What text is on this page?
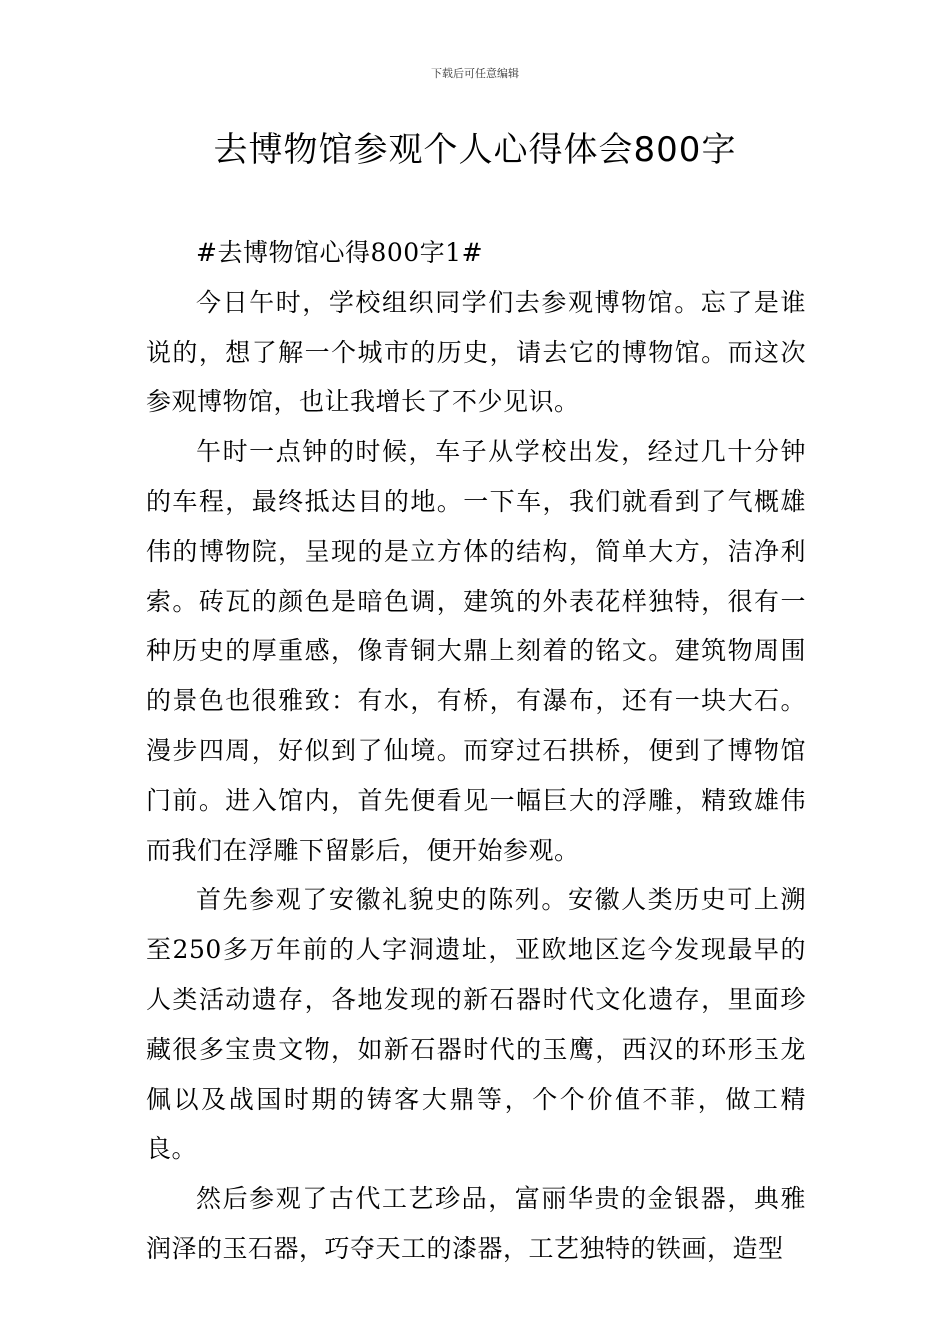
下载后可任意编辑
去博物馆参观个人心得体会800字

#去博物馆心得800字1#

今日午时，学校组织同学们去参观博物馆。忘了是谁说的，想了解一个城市的历史，请去它的博物馆。而这次参观博物馆，也让我增长了不少见识。

午时一点钟的时候，车子从学校出发，经过几十分钟的车程，最终抵达目的地。一下车，我们就看到了气概雄伟的博物院，呈现的是立方体的结构，简单大方，洁净利索。砖瓦的颜色是暗色调，建筑的外表花样独特，很有一种历史的厚重感，像青铜大鼎上刻着的铭文。建筑物周围的景色也很雅致：有水，有桥，有瀑布，还有一块大石。漫步四周，好似到了仙境。而穿过石拱桥，便到了博物馆门前。进入馆内，首先便看见一幅巨大的浮雕，精致雄伟而我们在浮雕下留影后，便开始参观。

首先参观了安徽礼貌史的陈列。安徽人类历史可上溯至250多万年前的人字洞遗址，亚欧地区迄今发现最早的人类活动遗存，各地发现的新石器时代文化遗存，里面珍藏很多宝贵文物，如新石器时代的玉鹰，西汉的环形玉龙佩以及战国时期的铸客大鼎等，个个价值不菲，做工精良。

然后参观了古代工艺珍品，富丽华贵的金银器，典雅润泽的玉石器，巧夺天工的漆器，工艺独特的铁画，造型
